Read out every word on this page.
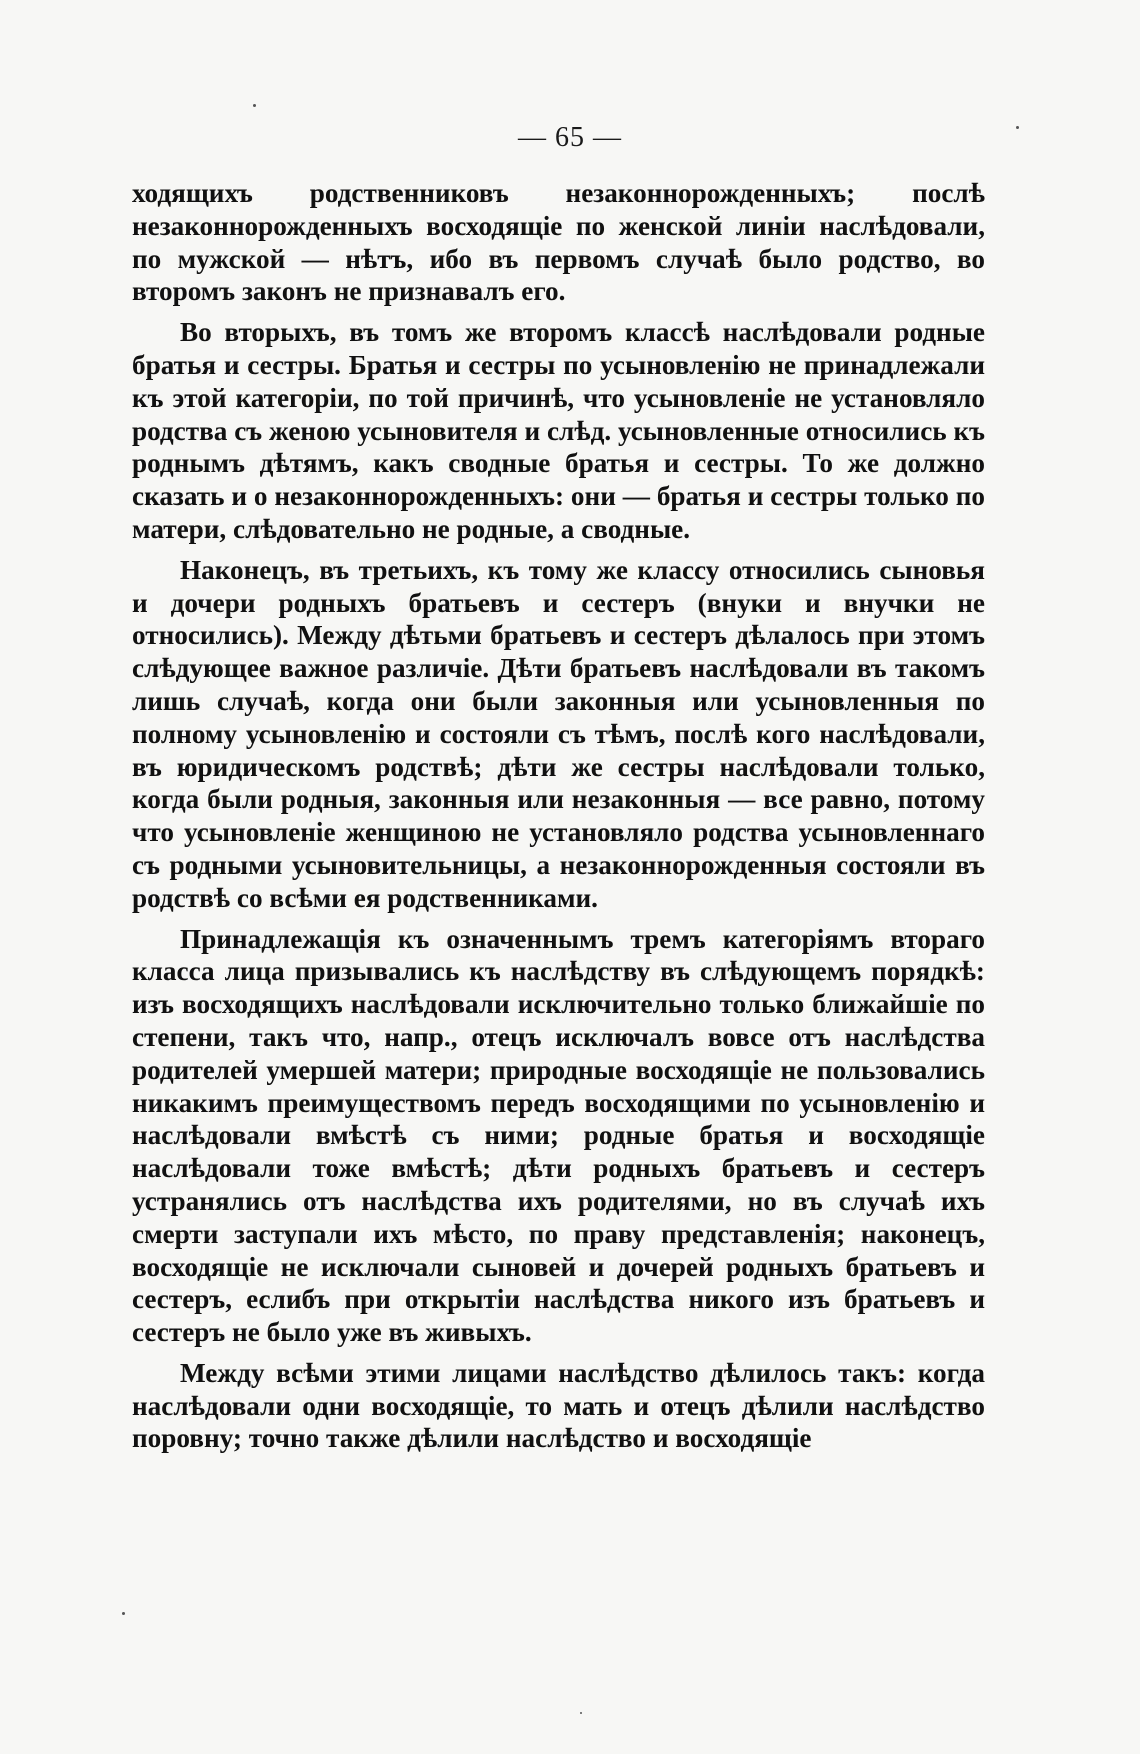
— 65 —

ходящихъ родственниковъ незаконнорожденныхъ; послѣ незаконнорожденныхъ восходящіе по женской линіи наслѣдовали, по мужской — нѣтъ, ибо въ первомъ случаѣ было родство, во второмъ законъ не признавалъ его.

Во вторыхъ, въ томъ же второмъ классѣ наслѣдовали родные братья и сестры. Братья и сестры по усыновленію не принадлежали къ этой категоріи, по той причинѣ, что усыновленіе не установляло родства съ женою усыновителя и слѣд. усыновленные относились къ роднымъ дѣтямъ, какъ сводные братья и сестры. То же должно сказать и о незаконнорожденныхъ: они — братья и сестры только по матери, слѣдовательно не родные, а сводные.

Наконецъ, въ третьихъ, къ тому же классу относились сыновья и дочери родныхъ братьевъ и сестеръ (внуки и внучки не относились). Между дѣтьми братьевъ и сестеръ дѣлалось при этомъ слѣдующее важное различіе. Дѣти братьевъ наслѣдовали въ такомъ лишь случаѣ, когда они были законныя или усыновленныя по полному усыновленію и состояли съ тѣмъ, послѣ кого наслѣдовали, въ юридическомъ родствѣ; дѣти же сестры наслѣдовали только, когда были родныя, законныя или незаконныя — все равно, потому что усыновленіе женщиною не установляло родства усыновленнаго съ родными усыновительницы, а незаконнорожденныя состояли въ родствѣ со всѣми ея родственниками.

Принадлежащія къ означеннымъ тремъ категоріямъ втораго класса лица призывались къ наслѣдству въ слѣдующемъ порядкѣ: изъ восходящихъ наслѣдовали исключительно только ближайшіе по степени, такъ что, напр., отецъ исключалъ вовсе отъ наслѣдства родителей умершей матери; природные восходящіе не пользовались никакимъ преимуществомъ передъ восходящими по усыновленію и наслѣдовали вмѣстѣ съ ними; родные братья и восходящіе наслѣдовали тоже вмѣстѣ; дѣти родныхъ братьевъ и сестеръ устранялись отъ наслѣдства ихъ родителями, но въ случаѣ ихъ смерти заступали ихъ мѣсто, по праву представленія; наконецъ, восходящіе не исключали сыновей и дочерей родныхъ братьевъ и сестеръ, еслибъ при открытіи наслѣдства никого изъ братьевъ и сестеръ не было уже въ живыхъ.

Между всѣми этими лицами наслѣдство дѣлилось такъ: когда наслѣдовали одни восходящіе, то мать и отецъ дѣлили наслѣдство поровну; точно также дѣлили наслѣдство и восходящіе
